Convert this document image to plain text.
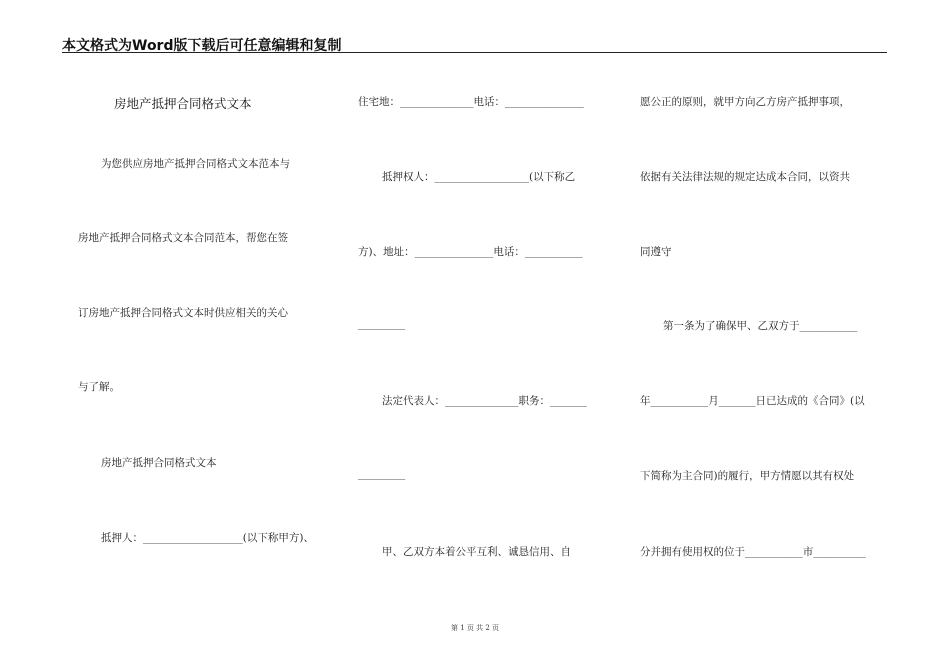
本文格式为Word版下载后可任意编辑和复制
房地产抵押合同格式文本
为您供应房地产抵押合同格式文本范本与
房地产抵押合同格式文本合同范本，帮您在签
订房地产抵押合同格式文本时供应相关的关心
与了解。
房地产抵押合同格式文本
抵押人：___________________(以下称甲方)、
住宅地：______________电话：_______________
抵押权人：__________________(以下称乙
方)、地址：_______________电话：___________
_________
法定代表人：______________职务：_______
_________
甲、乙双方本着公平互利、诚恳信用、自
愿公正的原则，就甲方向乙方房产抵押事项，
依据有关法律法规的规定达成本合同，以资共
同遵守
第一条为了确保甲、乙双方于___________
年___________月_______日已达成的《合同》(以
下简称为主合同)的履行，甲方情愿以其有权处
分并拥有使用权的位于___________市__________
第 1 页 共 2 页
